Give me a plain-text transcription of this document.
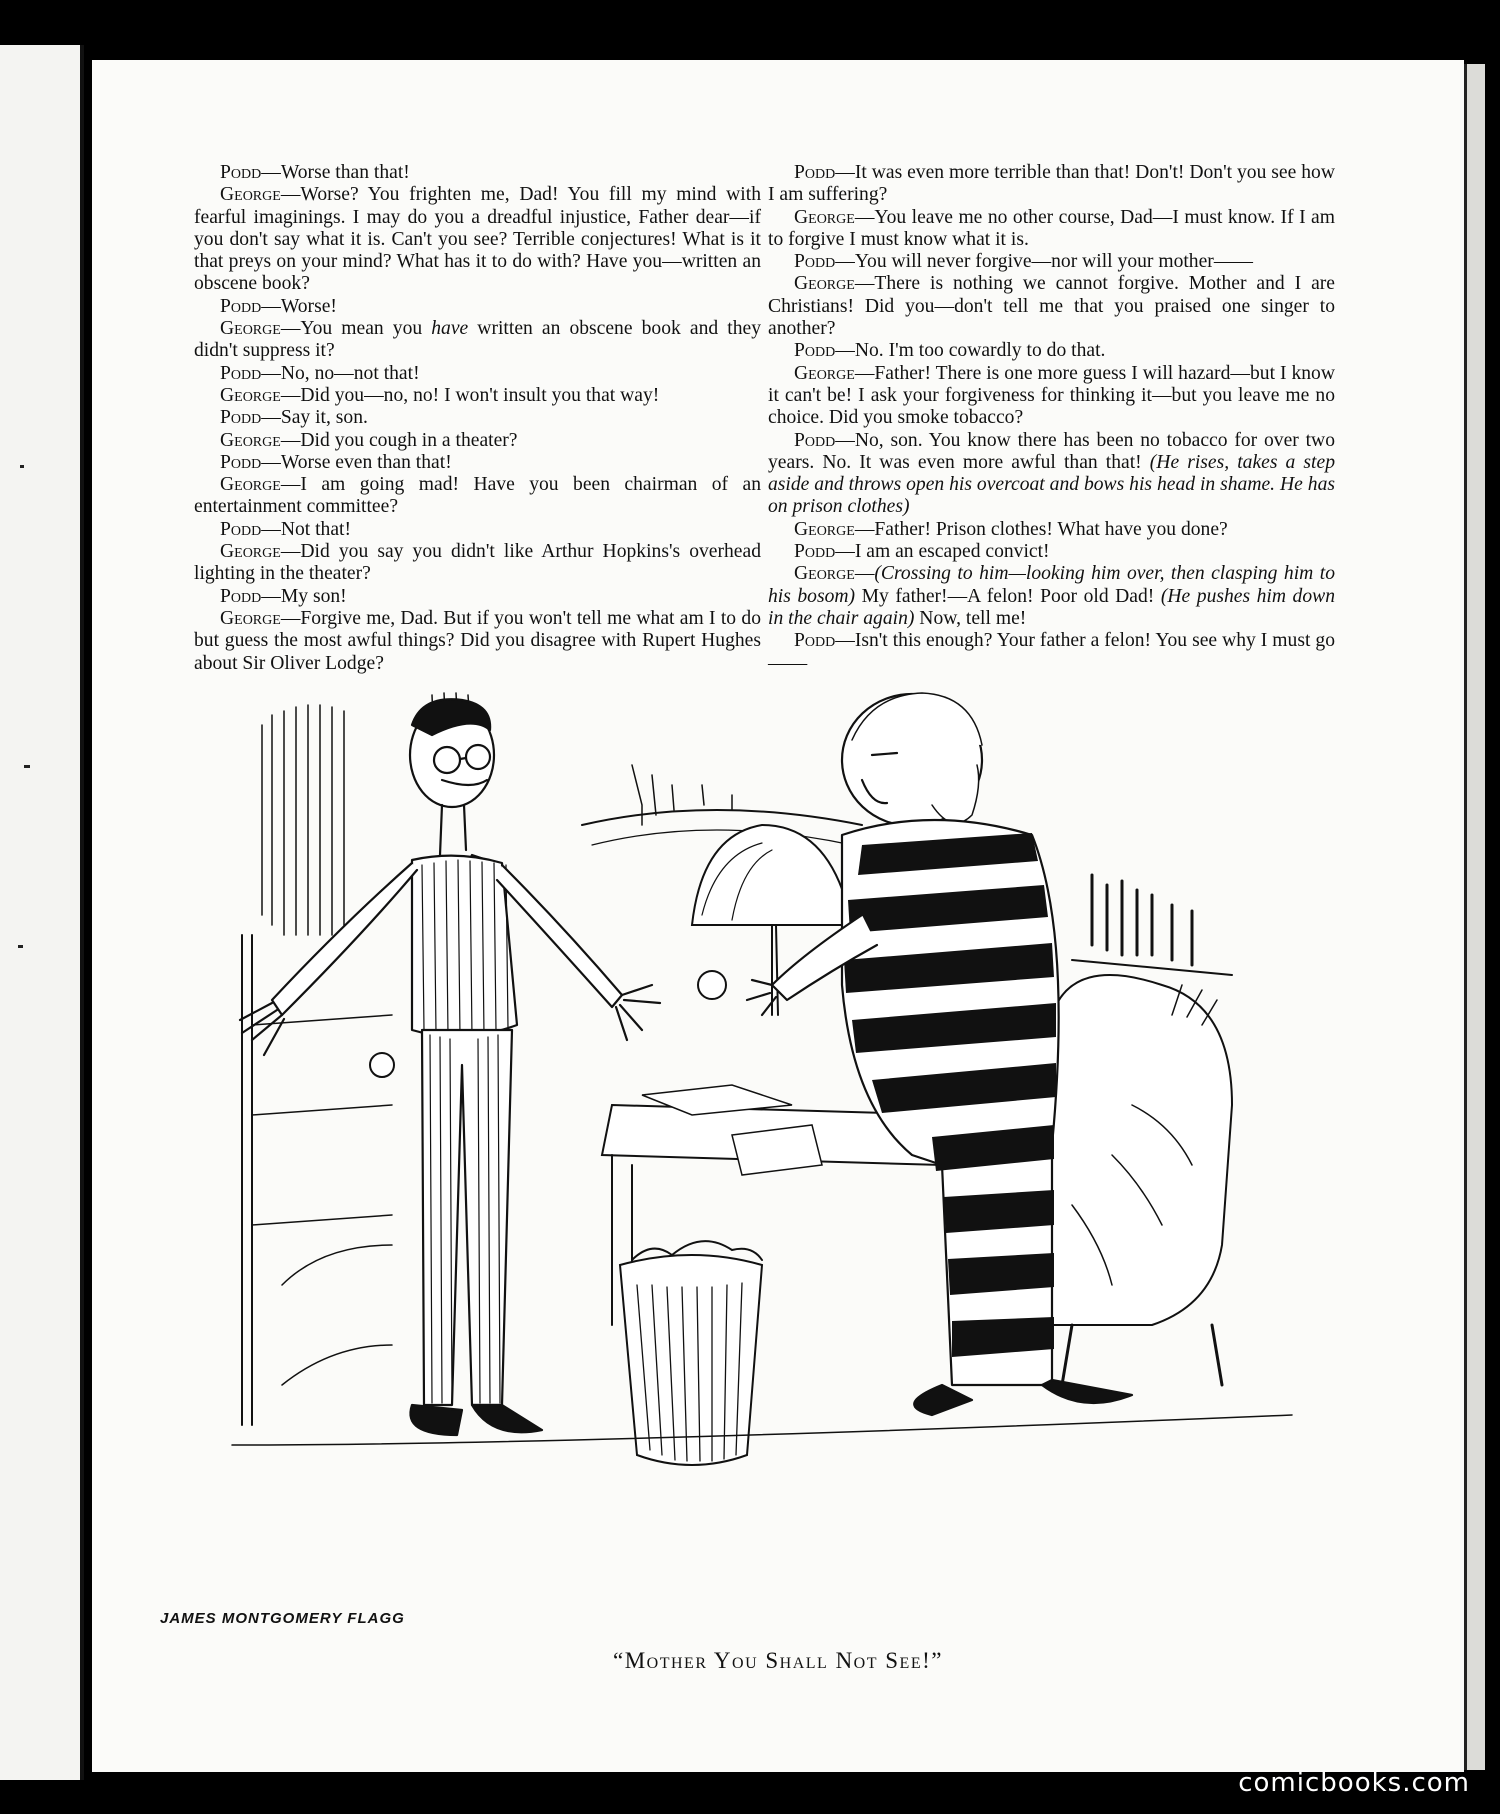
Podd—Worse than that!

George—Worse? You frighten me, Dad! You fill my mind with fearful imaginings. I may do you a dreadful injustice, Father dear—if you don't say what it is. Can't you see? Terrible conjectures! What is it that preys on your mind? What has it to do with? Have you—written an obscene book?

Podd—Worse!

George—You mean you have written an obscene book and they didn't suppress it?

Podd—No, no—not that!

George—Did you—no, no! I won't insult you that way!

Podd—Say it, son.

George—Did you cough in a theater?

Podd—Worse even than that!

George—I am going mad! Have you been chairman of an entertainment committee?

Podd—Not that!

George—Did you say you didn't like Arthur Hopkins's overhead lighting in the theater?

Podd—My son!

George—Forgive me, Dad. But if you won't tell me what am I to do but guess the most awful things? Did you disagree with Rupert Hughes about Sir Oliver Lodge?

Podd—It was even more terrible than that! Don't! Don't you see how I am suffering?

George—You leave me no other course, Dad—I must know. If I am to forgive I must know what it is.

Podd—You will never forgive—nor will your mother——

George—There is nothing we cannot forgive. Mother and I are Christians! Did you—don't tell me that you praised one singer to another?

Podd—No. I'm too cowardly to do that.

George—Father! There is one more guess I will hazard—but I know it can't be! I ask your forgiveness for thinking it—but you leave me no choice. Did you smoke tobacco?

Podd—No, son. You know there has been no tobacco for over two years. No. It was even more awful than that! (He rises, takes a step aside and throws open his overcoat and bows his head in shame. He has on prison clothes)

George—Father! Prison clothes! What have you done?

Podd—I am an escaped convict!

George—(Crossing to him—looking him over, then clasping him to his bosom) My father!—A felon! Poor old Dad! (He pushes him down in the chair again) Now, tell me!

Podd—Isn't this enough? Your father a felon! You see why I must go——

JAMES MONTGOMERY FLAGG
“Mother You Shall Not See!”
comicbooks.com
